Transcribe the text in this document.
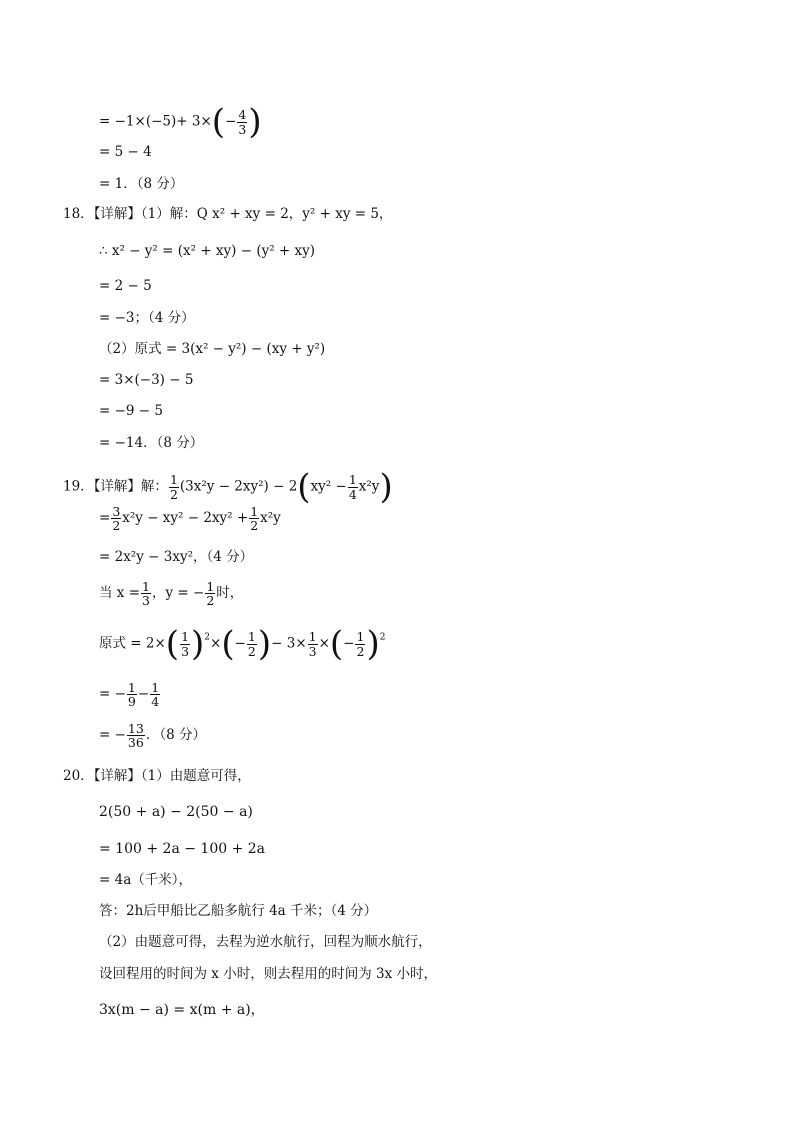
= $-1\times(-5)+ 3\times(- \frac{4}{3}$ )
= 5 − 4
= 1．（8 分）
18．【详解】（1）解：Q x² + xy = 2，y² + xy = 5，
∴ x² − y² = (x² + xy) − (y² + xy)
= 2 − 5
= −3；（4 分）
（2）原式 = 3(x² − y²) − (xy + y²)
= 3×(−3) − 5
= −9 − 5
= −14．（8 分）
19．【详解】解： $\frac{1}{2} (3x^2y - 2xy^2) - 2(xy^2 - \frac{1}{4} x^2y)$
= $\frac{3}{2} x^2y - xy^2 - 2xy^2 + \frac{1}{2} x^2y$
= 2x²y − 3xy²，（4 分）
当 $x = \frac{1}{3}$ ，y = − $\frac{1}{2}$ 时，
原式 = $2\times( \frac{1}{3} )^2\times(- \frac{1}{2}$ )− $3\times \frac{1}{3}$ ×(− $\frac{1}{2} )^2$
= − $\frac{1}{9} - \frac{1}{4}$
= − $\frac{13}{36}$ ．（8 分）
20．【详解】（1）由题意可得，
2(50 + a) − 2(50 − a)
= 100 + 2a − 100 + 2a
= 4a（千米），
答：2h后甲船比乙船多航行 4a 千米；（4 分）
（2）由题意可得，去程为逆水航行，回程为顺水航行，
设回程用的时间为 x 小时，则去程用的时间为 3x 小时，
3x(m − a) = x(m + a)，
